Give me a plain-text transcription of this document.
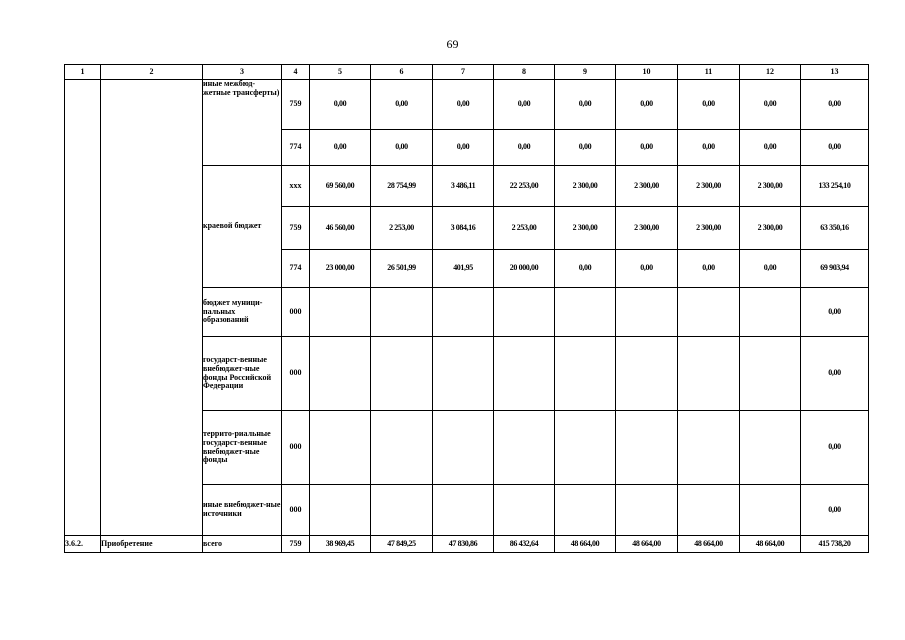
69
1	2	3	4	5	6	7	8	9	10	11	12	13
		иные межбюд-жетные трансферты)	759	0,00	0,00	0,00	0,00	0,00	0,00	0,00	0,00	0,00
			774	0,00	0,00	0,00	0,00	0,00	0,00	0,00	0,00	0,00
		краевой бюджет	xxx	69 560,00	28 754,99	3 486,11	22 253,00	2 300,00	2 300,00	2 300,00	2 300,00	133 254,10
			759	46 560,00	2 253,00	3 084,16	2 253,00	2 300,00	2 300,00	2 300,00	2 300,00	63 350,16
			774	23 000,00	26 501,99	401,95	20 000,00	0,00	0,00	0,00	0,00	69 903,94
		бюджет муници-пальных образований	000									0,00
		государст-венные внебюджет-ные фонды Российской Федерации	000									0,00
		террито-риальные государст-венные внебюджет-ные фонды	000									0,00
		иные внебюджет-ные источники	000									0,00
3.6.2.	Приобретение	всего	759	38 969,45	47 849,25	47 830,86	86 432,64	48 664,00	48 664,00	48 664,00	48 664,00	415 738,20
